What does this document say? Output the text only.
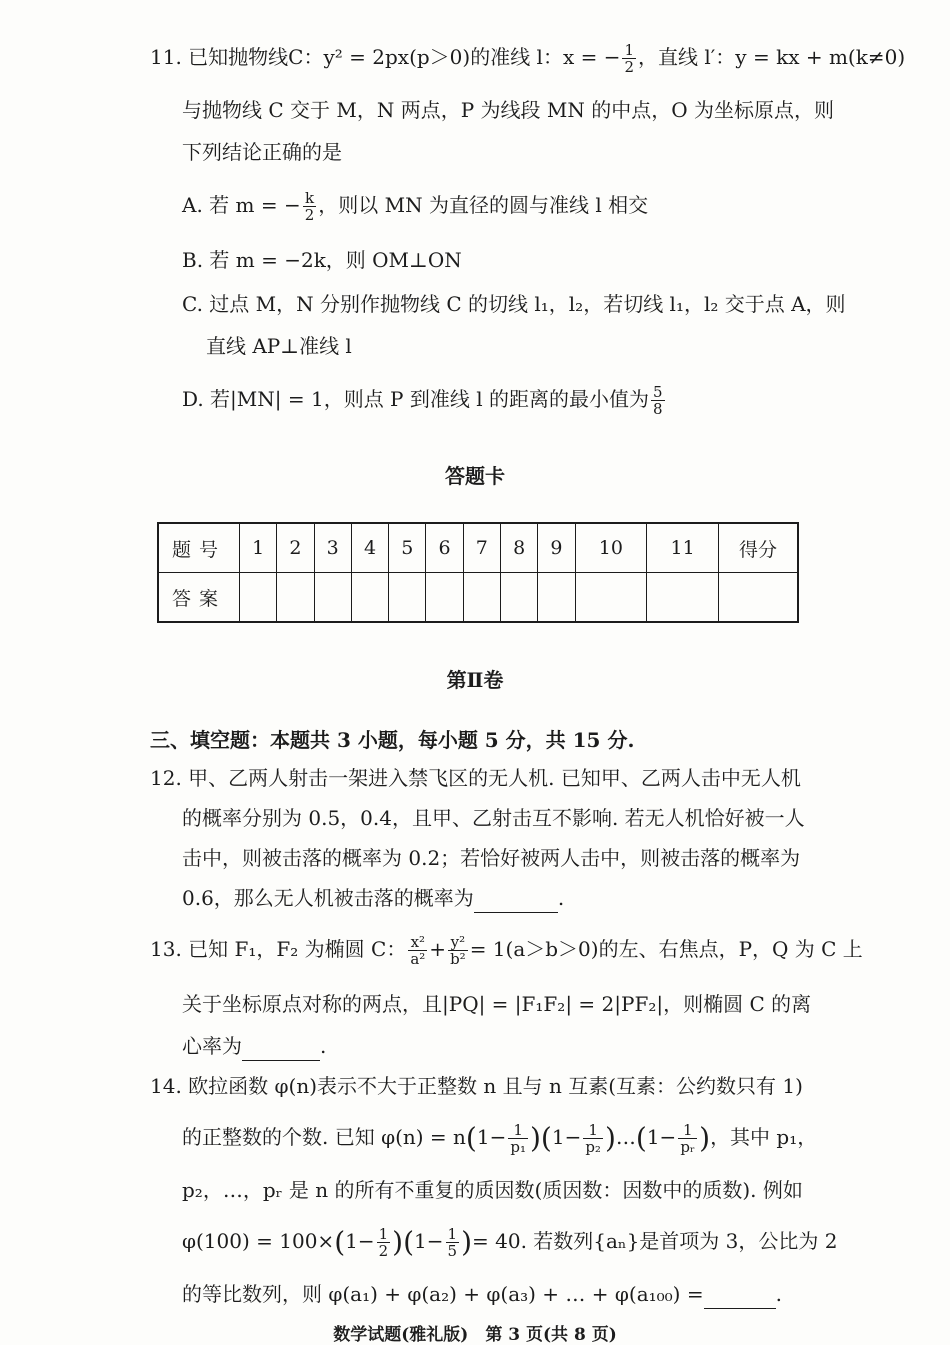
11. 已知抛物线C：y² = 2px(p＞0)的准线 l：x = − $\frac{1}{2}$ ，直线 l′：y = kx + m(k≠0)
与抛物线 C 交于 M，N 两点，P 为线段 MN 的中点，O 为坐标原点，则
下列结论正确的是
A. 若 m = − $\frac{k}{2}$ ，则以 MN 为直径的圆与准线 l 相交
B. 若 m = −2k，则 OM⊥ON
C. 过点 M，N 分别作抛物线 C 的切线 l₁，l₂，若切线 l₁，l₂ 交于点 A，则
直线 AP⊥准线 l
D. 若|MN| = 1，则点 P 到准线 l 的距离的最小值为 $\frac{5}{8}$
答题卡
题号	1	2	3	4	5	6	7	8	9	10	11	得分
答案												
第Ⅱ卷
三、填空题：本题共 3 小题，每小题 5 分，共 15 分.
12. 甲、乙两人射击一架进入禁飞区的无人机. 已知甲、乙两人击中无人机
的概率分别为 0.5，0.4，且甲、乙射击互不影响. 若无人机恰好被一人
击中，则被击落的概率为 0.2；若恰好被两人击中，则被击落的概率为
0.6，那么无人机被击落的概率为	.
13. 已知 F₁，F₂ 为椭圆 C： $\frac{\text{x²}}{\text{a²}} + \frac{\text{y²}}{\text{b²}} = 1(a>b>0)$的左、右焦点，P，Q 为 C 上
关于坐标原点对称的两点，且|PQ| = |F₁F₂| = 2|PF₂|，则椭圆 C 的离
心率为	.
14. 欧拉函数 φ(n)表示不大于正整数 n 且与 n 互素(互素：公约数只有 1)
的正整数的个数. 已知 $\varphi(n) = n(1- \frac{1}{\text{p₁}} )(1- \frac{1}{\text{p₂}}$ )…(1− $\frac{1}{\text{pᵣ}}$ )，其中 p₁，
p₂，…，pᵣ 是 n 的所有不重复的质因数(质因数：因数中的质数). 例如
$\varphi(100) = 100\times(1- \frac{1}{2} )(1- \frac{1}{5}$ )= 40. 若数列{aₙ}是首项为 3，公比为 2
的等比数列，则 φ(a₁) + φ(a₂) + φ(a₃) + … + φ(a₁₀₀) =	.
数学试题(雅礼版)　第 3 页(共 8 页)
